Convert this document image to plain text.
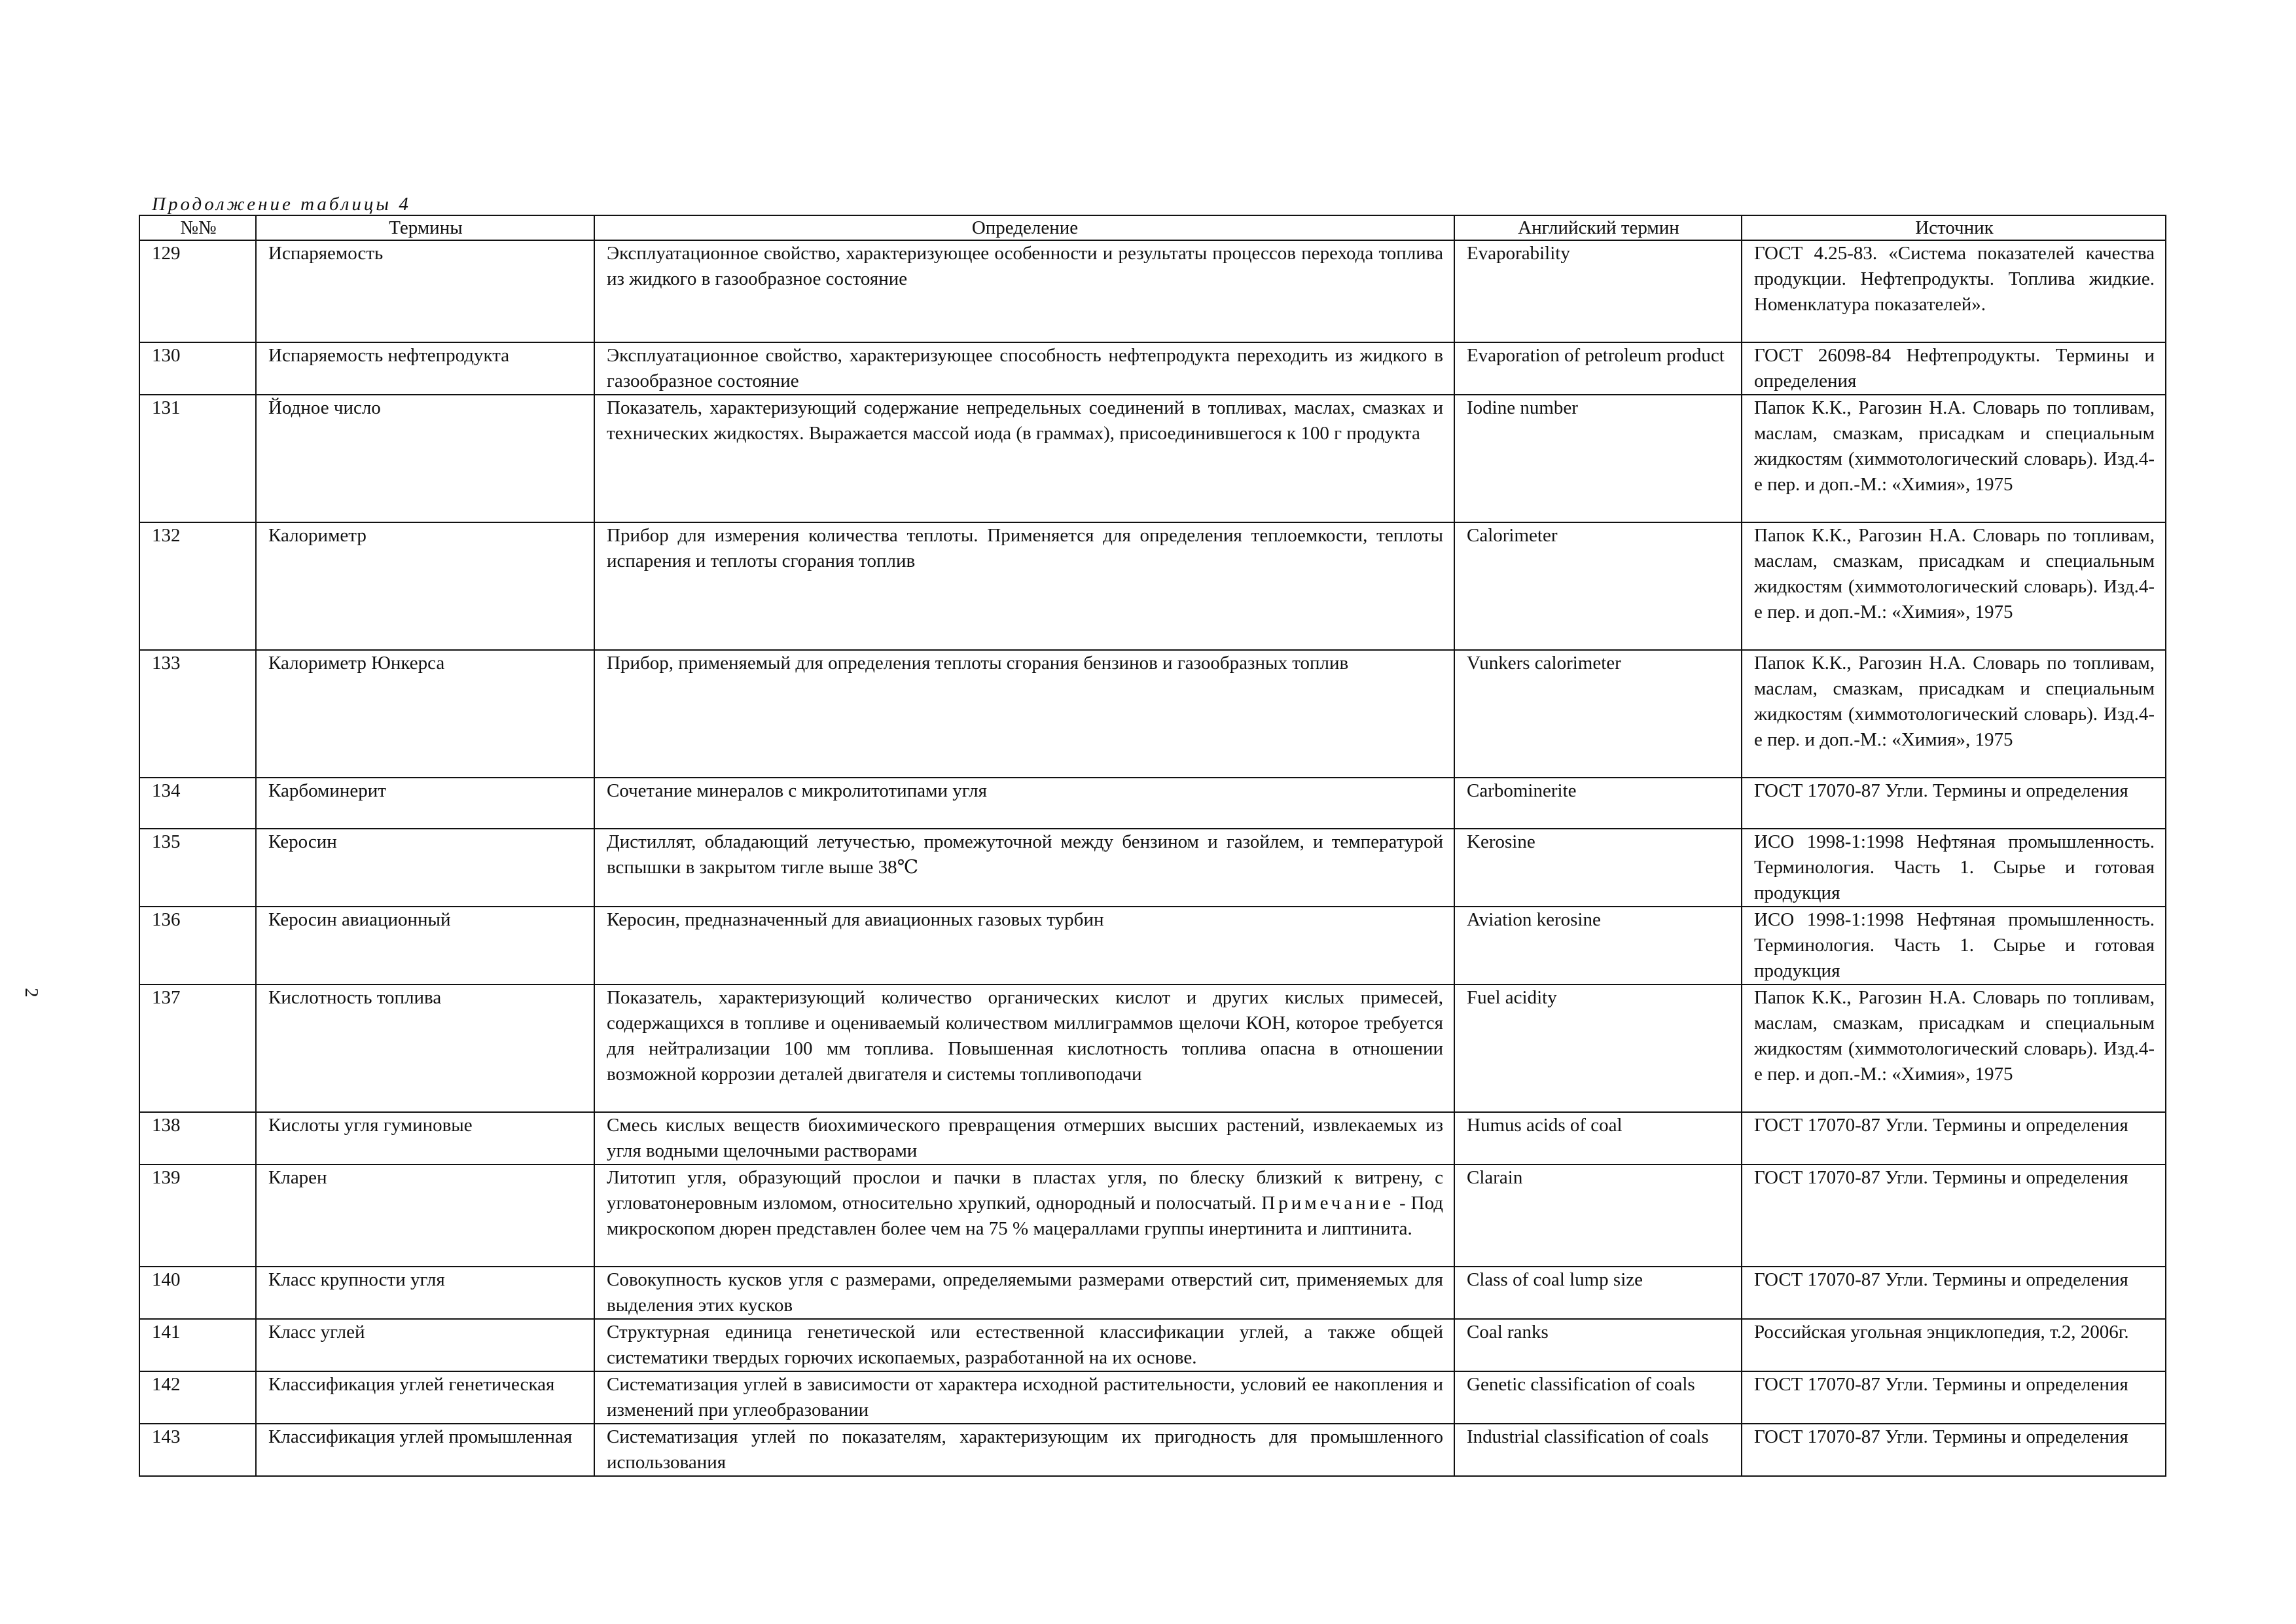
Продолжение таблицы 4
2
№№	Термины	Определение	Английский термин	Источник
129	Испаряемость	Эксплуатационное свойство, характеризующее особенности и результаты процессов перехода топлива из жидкого в газообразное состояние	Evaporability	ГОСТ 4.25-83. «Система показателей качества продукции. Нефтепродукты. Топлива жидкие. Номенклатура показателей».
130	Испаряемость нефтепродукта	Эксплуатационное свойство, характеризующее способность нефтепродукта переходить из жидкого в газообразное состояние	Evaporation of petroleum product	ГОСТ 26098-84 Нефтепродукты. Термины и определения
131	Йодное число	Показатель, характеризующий содержание непредельных соединений в топливах, маслах, смазках и технических жидкостях. Выражается массой иода (в граммах), присоединившегося к 100 г продукта	Iodine number	Папок К.К., Рагозин Н.А. Словарь по топливам, маслам, смазкам, присадкам и специальным жидкостям (химмотологический словарь). Изд.4-е пер. и доп.-М.: «Химия», 1975
132	Калориметр	Прибор для измерения количества теплоты. Применяется для определения теплоемкости, теплоты испарения и теплоты сгорания топлив	Calorimeter	Папок К.К., Рагозин Н.А. Словарь по топливам, маслам, смазкам, присадкам и специальным жидкостям (химмотологический словарь). Изд.4-е пер. и доп.-М.: «Химия», 1975
133	Калориметр Юнкерса	Прибор, применяемый для определения теплоты сгорания бензинов и газообразных топлив	Vunkers calorimeter	Папок К.К., Рагозин Н.А. Словарь по топливам, маслам, смазкам, присадкам и специальным жидкостям (химмотологический словарь). Изд.4-е пер. и доп.-М.: «Химия», 1975
134	Карбоминерит	Сочетание минералов с микролитотипами угля	Carbominerite	ГОСТ 17070-87 Угли. Термины и определения
135	Керосин	Дистиллят, обладающий летучестью, промежуточной между бензином и газойлем, и температурой вспышки в закрытом тигле выше 38℃	Kerosine	ИСО 1998-1:1998 Нефтяная промышленность. Терминология. Часть 1. Сырье и готовая продукция
136	Керосин авиационный	Керосин, предназначенный для авиационных газовых турбин	Aviation kerosine	ИСО 1998-1:1998 Нефтяная промышленность. Терминология. Часть 1. Сырье и готовая продукция
137	Кислотность топлива	Показатель, характеризующий количество органических кислот и других кислых примесей, содержащихся в топливе и оцениваемый количеством миллиграммов щелочи КОН, которое требуется для нейтрализации 100 мм топлива. Повышенная кислотность топлива опасна в отношении возможной коррозии деталей двигателя и системы топливоподачи	Fuel acidity	Папок К.К., Рагозин Н.А. Словарь по топливам, маслам, смазкам, присадкам и специальным жидкостям (химмотологический словарь). Изд.4-е пер. и доп.-М.: «Химия», 1975
138	Кислоты угля гуминовые	Смесь кислых веществ биохимического превращения отмерших высших растений, извлекаемых из угля водными щелочными растворами	Humus acids of coal	ГОСТ 17070-87 Угли. Термины и определения
139	Кларен	Литотип угля, образующий прослои и пачки в пластах угля, по блеску близкий к витрену, с угловатонеровным изломом, относительно хрупкий, однородный и полосчатый. Примечание - Под микроскопом дюрен представлен более чем на 75 % мацераллами группы инертинита и липтинита.	Clarain	ГОСТ 17070-87 Угли. Термины и определения
140	Класс крупности угля	Совокупность кусков угля с размерами, определяемыми размерами отверстий сит, применяемых для выделения этих кусков	Class of coal lump size	ГОСТ 17070-87 Угли. Термины и определения
141	Класс углей	Структурная единица генетической или естественной классификации углей, а также общей систематики твердых горючих ископаемых, разработанной на их основе.	Coal ranks	Российская угольная энциклопедия, т.2, 2006г.
142	Классификация углей генетическая	Систематизация углей в зависимости от характера исходной растительности, условий ее накопления и изменений при углеобразовании	Genetic classification of coals	ГОСТ 17070-87 Угли. Термины и определения
143	Классификация углей промышленная	Систематизация углей по показателям, характеризующим их пригодность для промышленного использования	Industrial classification of coals	ГОСТ 17070-87 Угли. Термины и определения
